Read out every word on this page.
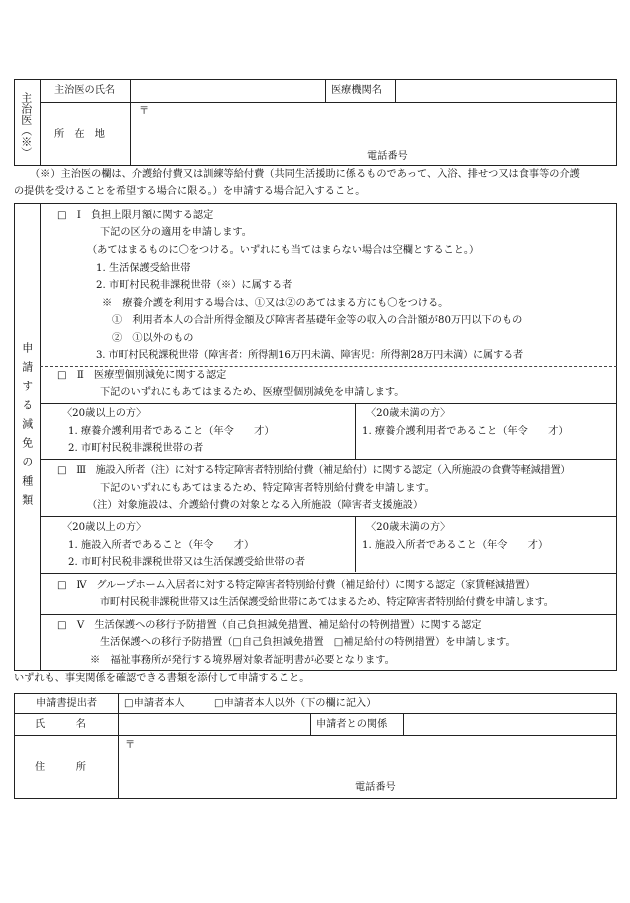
主治医（※）
主治医の氏名	医療機関名
所　在　地
〒
電話番号
（※）主治医の欄は、介護給付費又は訓練等給付費（共同生活援助に係るものであって、入浴、排せつ又は食事等の介護
の提供を受けることを希望する場合に限る。）を申請する場合記入すること。
申請する減免の種類
□　Ⅰ　負担上限月額に関する認定
下記の区分の適用を申請します。
（あてはまるものに〇をつける。いずれにも当てはまらない場合は空欄とすること。）
1. 生活保護受給世帯
2. 市町村民税非課税世帯（※）に属する者
※　療養介護を利用する場合は、①又は②のあてはまる方にも〇をつける。
①　利用者本人の合計所得金額及び障害者基礎年金等の収入の合計額が80万円以下のもの
②　①以外のもの
3. 市町村民税課税世帯（障害者：所得割16万円未満、障害児：所得割28万円未満）に属する者
□　Ⅱ　医療型個別減免に関する認定
下記のいずれにもあてはまるため、医療型個別減免を申請します。
〈20歳以上の方〉
1. 療養介護利用者であること（年令　　才）
2. 市町村民税非課税世帯の者
〈20歳未満の方〉
1. 療養介護利用者であること（年令　　才）
□　Ⅲ　施設入所者（注）に対する特定障害者特別給付費（補足給付）に関する認定（入所施設の食費等軽減措置）
下記のいずれにもあてはまるため、特定障害者特別給付費を申請します。
（注）対象施設は、介護給付費の対象となる入所施設（障害者支援施設）
〈20歳以上の方〉
1. 施設入所者であること（年令　　才）
2. 市町村民税非課税世帯又は生活保護受給世帯の者
〈20歳未満の方〉
1. 施設入所者であること（年令　　才）
□　Ⅳ　グループホーム入居者に対する特定障害者特別給付費（補足給付）に関する認定（家賃軽減措置）
市町村民税非課税世帯又は生活保護受給世帯にあてはまるため、特定障害者特別給付費を申請します。
□　Ⅴ　生活保護への移行予防措置（自己負担減免措置、補足給付の特例措置）に関する認定
生活保護への移行予防措置（□自己負担減免措置　□補足給付の特例措置）を申請します。
※　福祉事務所が発行する境界層対象者証明書が必要となります。
いずれも、事実関係を確認できる書類を添付して申請すること。
申請書提出者	□申請者本人	□申請者本人以外（下の欄に記入）
氏　　　名	申請者との関係
住　　　所
〒
電話番号
